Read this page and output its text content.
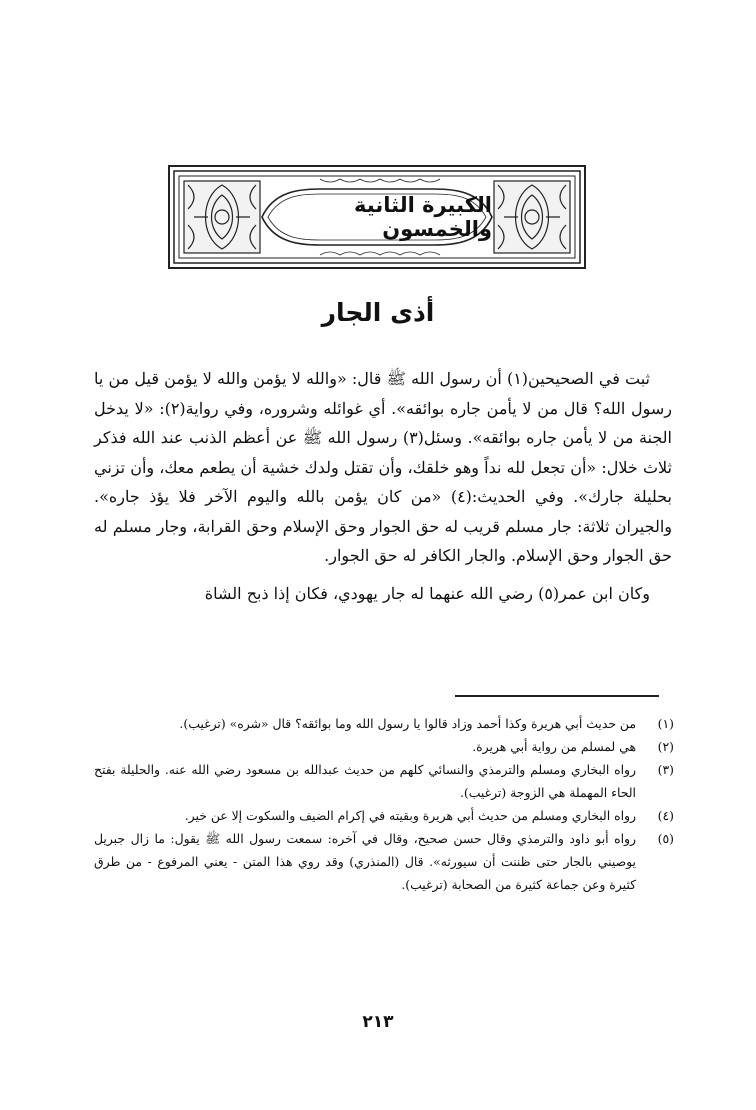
الكبيرة الثانية والخمسون
أذى الجار

ثبت في الصحيحين(١) أن رسول الله ﷺ قال: «والله لا يؤمن والله لا يؤمن قيل من يا رسول الله؟ قال من لا يأمن جاره بوائقه». أي غوائله وشروره، وفي رواية(٢): «لا يدخل الجنة من لا يأمن جاره بوائقه». وسئل(٣) رسول الله ﷺ عن أعظم الذنب عند الله فذكر ثلاث خلال: «أن تجعل لله نداً وهو خلقك، وأن تقتل ولدك خشية أن يطعم معك، وأن تزني بحليلة جارك». وفي الحديث:(٤) «من كان يؤمن بالله واليوم الآخر فلا يؤذ جاره». والجيران ثلاثة: جار مسلم قريب له حق الجوار وحق الإسلام وحق القرابة، وجار مسلم له حق الجوار وحق الإسلام. والجار الكافر له حق الجوار.

وكان ابن عمر(٥) رضي الله عنهما له جار يهودي، فكان إذا ذبح الشاة

(١)
من حديث أبي هريرة وكذا أحمد وزاد قالوا يا رسول الله وما بوائقه؟ قال «شره» (ترغيب).
(٢)
هي لمسلم من رواية أبي هريرة.
(٣)
رواه البخاري ومسلم والترمذي والنسائي كلهم من حديث عبدالله بن مسعود رضي الله عنه. والحليلة بفتح الحاء المهملة هي الزوجة (ترغيب).
(٤)
رواه البخاري ومسلم من حديث أبي هريرة وبقيته في إكرام الضيف والسكوت إلا عن خير.
(٥)
رواه أبو داود والترمذي وقال حسن صحيح، وقال في آخره: سمعت رسول الله ﷺ يقول: ما زال جبريل يوصيني بالجار حتى ظننت أن سيورثه». قال (المنذري) وقد روي هذا المتن - يعني المرفوع - من طرق كثيرة وعن جماعة كثيرة من الصحابة (ترغيب).
٢١٣
